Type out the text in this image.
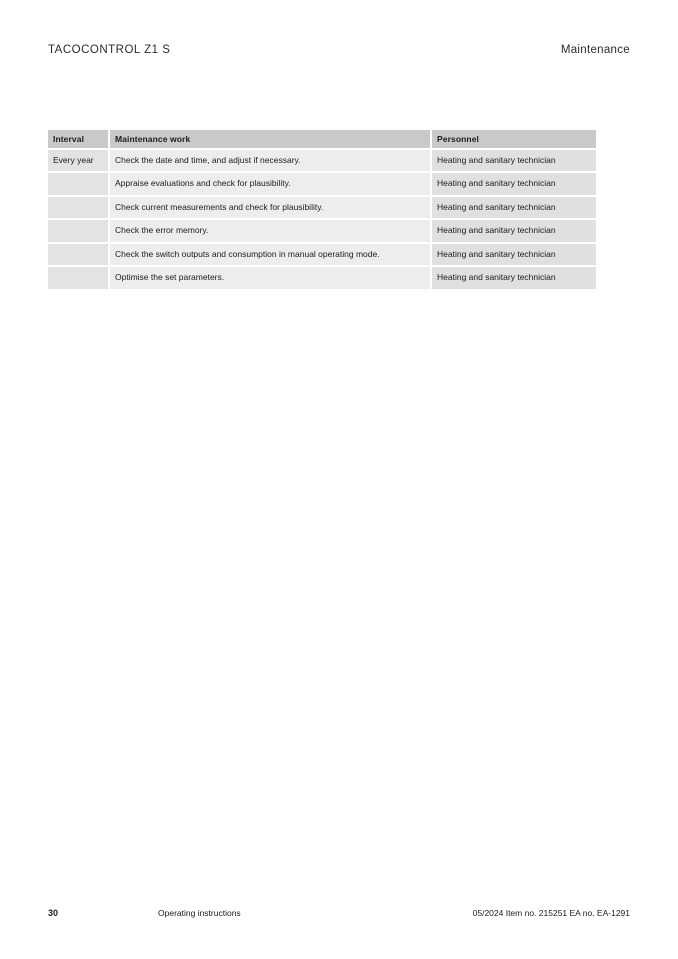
TACOCONTROL Z1 S	Maintenance
Interval	Maintenance work	Personnel
Every year	Check the date and time, and adjust if necessary.	Heating and sanitary technician
	Appraise evaluations and check for plausibility.	Heating and sanitary technician
	Check current measurements and check for plausibility.	Heating and sanitary technician
	Check the error memory.	Heating and sanitary technician
	Check the switch outputs and consumption in manual operating mode.	Heating and sanitary technician
	Optimise the set parameters.	Heating and sanitary technician
30	Operating instructions	05/2024 Item no. 215251 EA no. EA-1291
